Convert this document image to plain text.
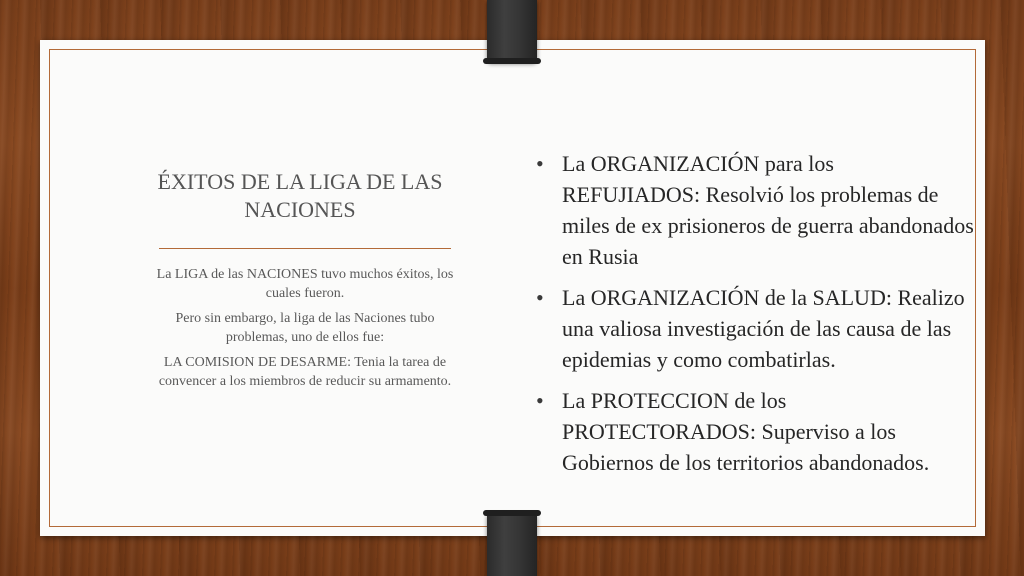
ÉXITOS DE LA LIGA DE LAS NACIONES

La LIGA de las NACIONES tuvo muchos éxitos, los cuales fueron.

Pero sin embargo, la liga de las Naciones tubo problemas, uno de ellos fue:

LA COMISION DE DESARME: Tenia la tarea de convencer a los miembros de reducir su armamento.

• La ORGANIZACIÓN para los REFUJIADOS: Resolvió los problemas de miles de ex prisioneros de guerra abandonados en Rusia
• La ORGANIZACIÓN de la SALUD: Realizo una valiosa investigación de las causa de las epidemias y como combatirlas.
• La PROTECCION de los PROTECTORADOS: Superviso a los Gobiernos de los territorios abandonados.
